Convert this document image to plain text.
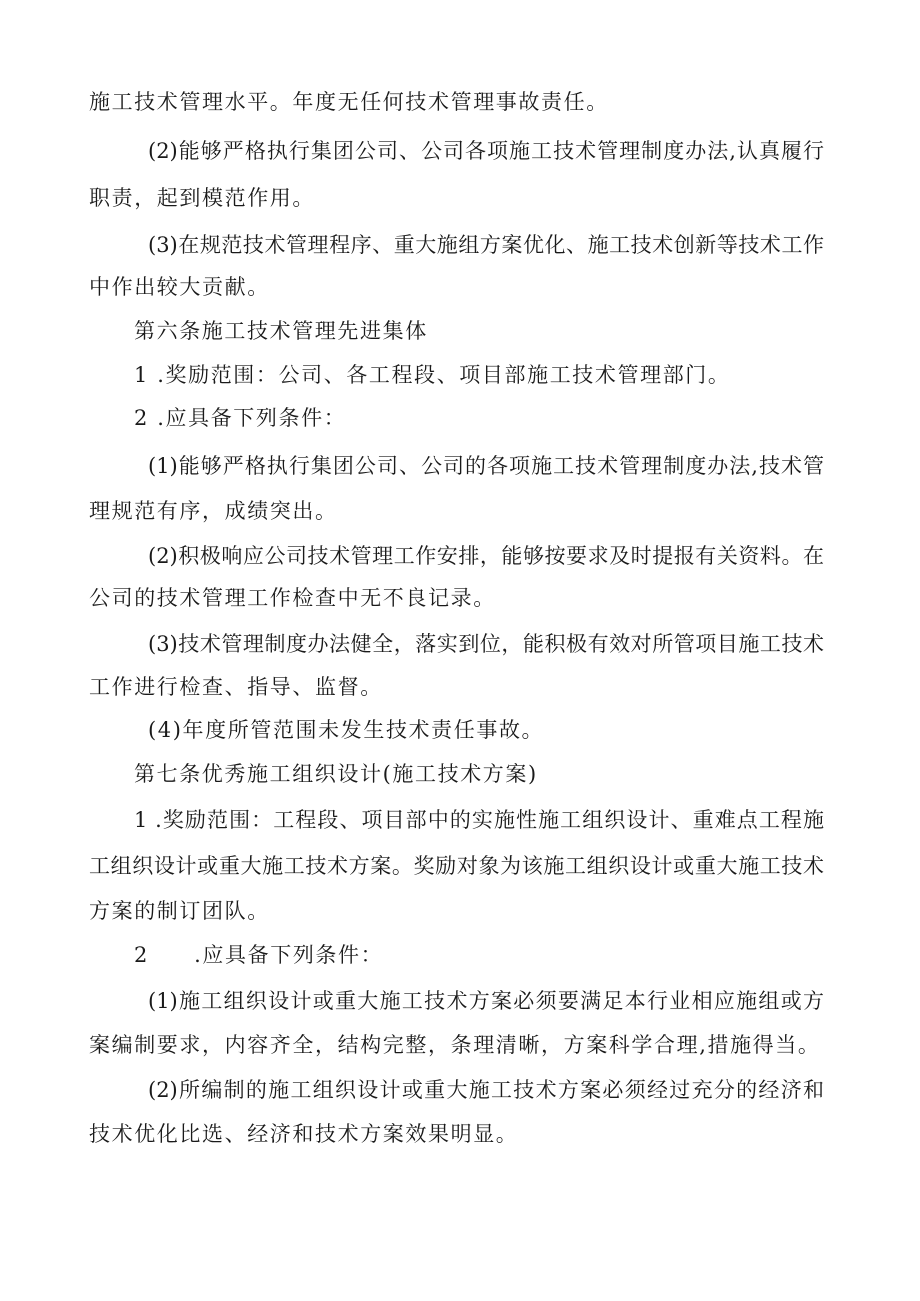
施工技术管理水平。年度无任何技术管理事故责任。
(2)能够严格执行集团公司、公司各项施工技术管理制度办法,认真履行
职责，起到模范作用。
(3)在规范技术管理程序、重大施组方案优化、施工技术创新等技术工作
中作出较大贡献。
第六条施工技术管理先进集体
1 .奖励范围：公司、各工程段、项目部施工技术管理部门。
2 .应具备下列条件：
(1)能够严格执行集团公司、公司的各项施工技术管理制度办法,技术管
理规范有序，成绩突出。
(2)积极响应公司技术管理工作安排，能够按要求及时提报有关资料。在
公司的技术管理工作检查中无不良记录。
(3)技术管理制度办法健全，落实到位，能积极有效对所管项目施工技术
工作进行检查、指导、监督。
(4)年度所管范围未发生技术责任事故。
第七条优秀施工组织设计(施工技术方案)
1 .奖励范围：工程段、项目部中的实施性施工组织设计、重难点工程施
工组织设计或重大施工技术方案。奖励对象为该施工组织设计或重大施工技术
方案的制订团队。
2　　.应具备下列条件：
(1)施工组织设计或重大施工技术方案必须要满足本行业相应施组或方
案编制要求，内容齐全，结构完整，条理清晰，方案科学合理,措施得当。
(2)所编制的施工组织设计或重大施工技术方案必须经过充分的经济和
技术优化比选、经济和技术方案效果明显。
